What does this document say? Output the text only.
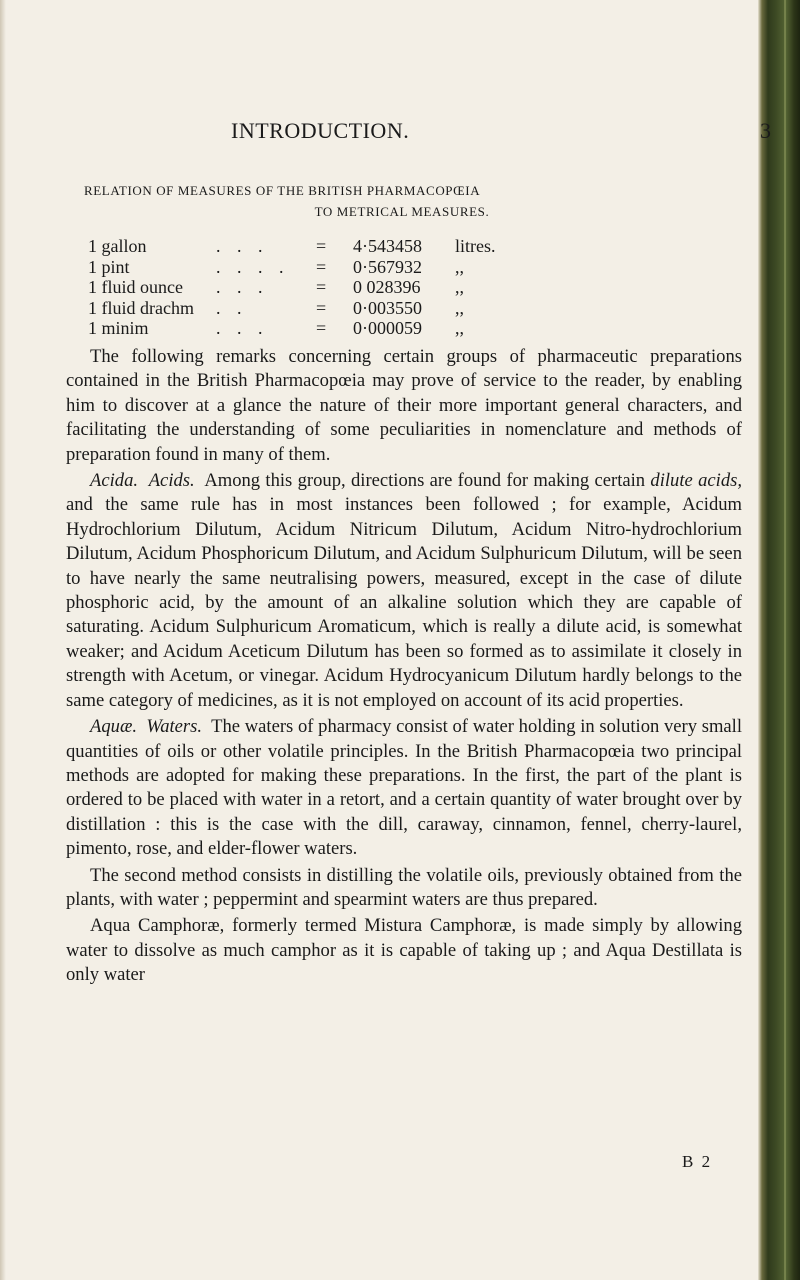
INTRODUCTION.	3
RELATION OF MEASURES OF THE BRITISH PHARMACOPŒIA
TO METRICAL MEASURES.
1 gallon	. . .	= 4·543458 litres.
1 pint	. . . . = 0·567932 ,,
1 fluid ounce . . .	= 0 028396 ,,
1 fluid drachm . .	= 0·003550 ,,
1 minim	. . .	= 0·000059 ,,

The following remarks concerning certain groups of pharmaceutic preparations contained in the British Pharmacopœia may prove of service to the reader, by enabling him to discover at a glance the nature of their more important general characters, and facilitating the understanding of some peculiarities in nomenclature and methods of preparation found in many of them.

Acida. Acids. Among this group, directions are found for making certain dilute acids, and the same rule has in most instances been followed ; for example, Acidum Hydrochlorium Dilutum, Acidum Nitricum Dilutum, Acidum Nitro-hydrochlorium Dilutum, Acidum Phosphoricum Dilutum, and Acidum Sulphuricum Dilutum, will be seen to have nearly the same neutralising powers, measured, except in the case of dilute phosphoric acid, by the amount of an alkaline solution which they are capable of saturating. Acidum Sulphuricum Aromaticum, which is really a dilute acid, is somewhat weaker; and Acidum Aceticum Dilutum has been so formed as to assimilate it closely in strength with Acetum, or vinegar. Acidum Hydrocyanicum Dilutum hardly belongs to the same category of medicines, as it is not employed on account of its acid properties.

Aquæ. Waters. The waters of pharmacy consist of water holding in solution very small quantities of oils or other volatile principles. In the British Pharmacopœia two principal methods are adopted for making these preparations. In the first, the part of the plant is ordered to be placed with water in a retort, and a certain quantity of water brought over by distillation : this is the case with the dill, caraway, cinnamon, fennel, cherry-laurel, pimento, rose, and elder-flower waters.

The second method consists in distilling the volatile oils, previously obtained from the plants, with water ; peppermint and spearmint waters are thus prepared.

Aqua Camphoræ, formerly termed Mistura Camphoræ, is made simply by allowing water to dissolve as much camphor as it is capable of taking up ; and Aqua Destillata is only water

B 2
